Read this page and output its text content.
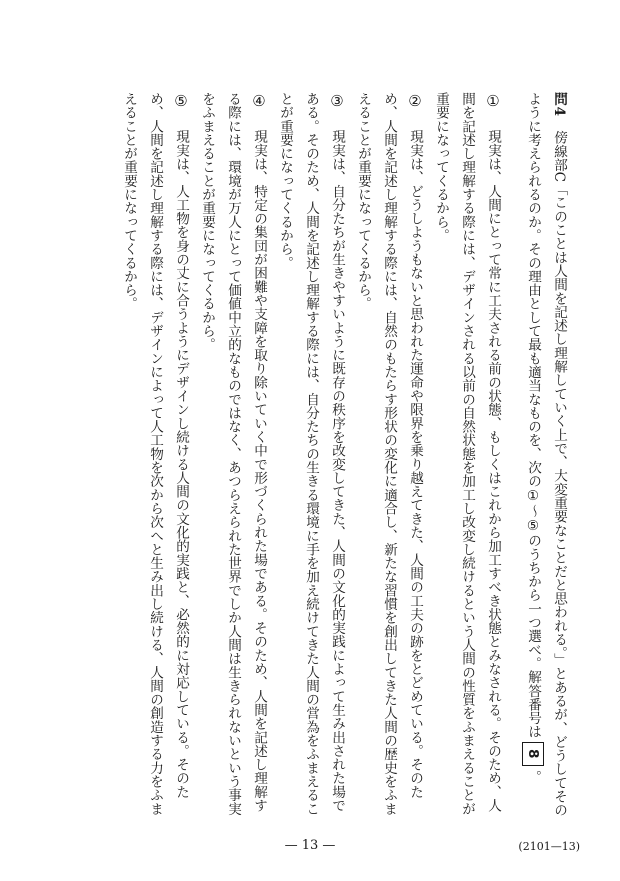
問4　傍線部C「このことは人間を記述し理解していく上で、大変重要なことだと思われる。」とあるが、どうしてそのように考えられるのか。その理由として最も適当なものを、次の①～⑤のうちから一つ選べ。解答番号は8。

①　現実は、人間にとって常に工夫される前の状態、もしくはこれから加工すべき状態とみなされる。そのため、人間を記述し理解する際には、デザインされる以前の自然状態を加工し改変し続けるという人間の性質をふまえることが重要になってくるから。

②　現実は、どうしようもないと思われた運命や限界を乗り越えてきた、人間の工夫の跡をとどめている。そのため、人間を記述し理解する際には、自然のもたらす形状の変化に適合し、新たな習慣を創出してきた人間の歴史をふまえることが重要になってくるから。

③　現実は、自分たちが生きやすいように既存の秩序を改変してきた、人間の文化的実践によって生み出された場である。そのため、人間を記述し理解する際には、自分たちの生きる環境に手を加え続けてきた人間の営為をふまえることが重要になってくるから。

④　現実は、特定の集団が困難や支障を取り除いていく中で形づくられた場である。そのため、人間を記述し理解する際には、環境が万人にとって価値中立的なものではなく、あつらえられた世界でしか人間は生きられないという事実をふまえることが重要になってくるから。

⑤　現実は、人工物を身の丈に合うようにデザインし続ける人間の文化的実践と、必然的に対応している。そのため、人間を記述し理解する際には、デザインによって人工物を次から次へと生み出し続ける、人間の創造する力をふまえることが重要になってくるから。

— 13 —	(2101—13)
